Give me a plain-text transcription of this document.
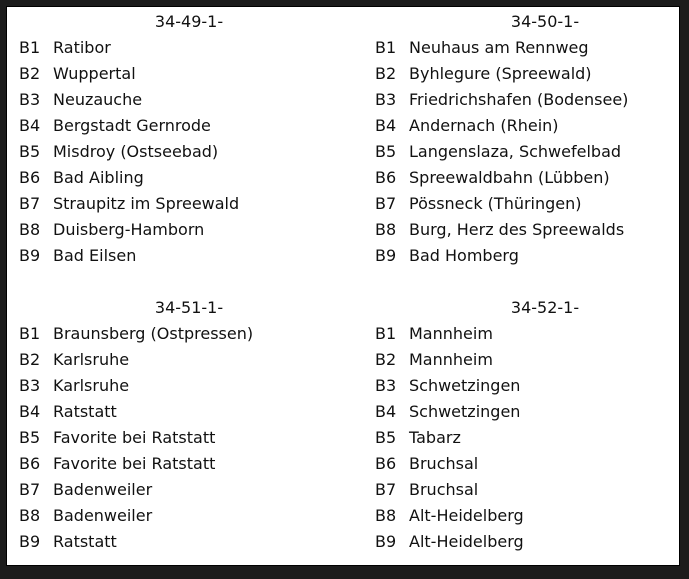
34-49-1-
B1 Ratibor
B2 Wuppertal
B3 Neuzauche
B4 Bergstadt Gernrode
B5 Misdroy (Ostseebad)
B6 Bad Aibling
B7 Straupitz im Spreewald
B8 Duisberg-Hamborn
B9 Bad Eilsen
34-50-1-
B1 Neuhaus am Rennweg
B2 Byhlegure (Spreewald)
B3 Friedrichshafen (Bodensee)
B4 Andernach (Rhein)
B5 Langenslaza, Schwefelbad
B6 Spreewaldbahn (Lübben)
B7 Pössneck (Thüringen)
B8 Burg, Herz des Spreewalds
B9 Bad Homberg
34-51-1-
B1 Braunsberg (Ostpressen)
B2 Karlsruhe
B3 Karlsruhe
B4 Ratstatt
B5 Favorite bei Ratstatt
B6 Favorite bei Ratstatt
B7 Badenweiler
B8 Badenweiler
B9 Ratstatt
34-52-1-
B1 Mannheim
B2 Mannheim
B3 Schwetzingen
B4 Schwetzingen
B5 Tabarz
B6 Bruchsal
B7 Bruchsal
B8 Alt-Heidelberg
B9 Alt-Heidelberg
